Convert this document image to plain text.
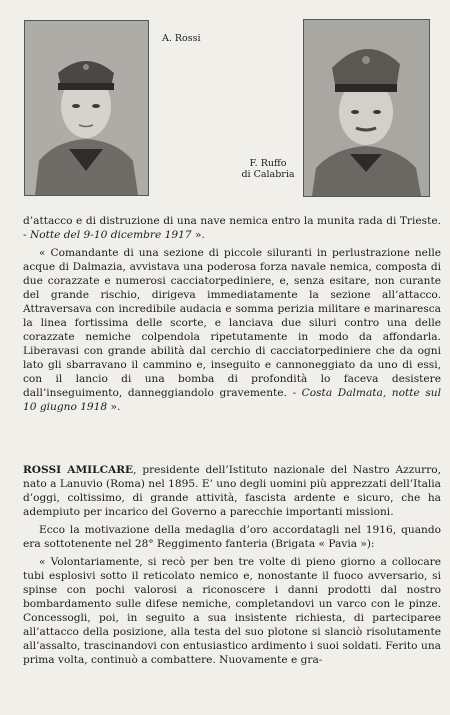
A. Rossi
F. Ruffo
di Calabria

d’attacco e di distruzione di una nave nemica entro la munita rada di Trieste. - Notte del 9-10 dicembre 1917 ».

« Comandante di una sezione di piccole siluranti in perlustrazione nelle acque di Dalmazia, avvistava una poderosa forza navale nemica, composta di due corazzate e numerosi cacciatorpediniere, e, senza esitare, non curante del grande rischio, dirigeva immediatamente la sezione all’attacco. Attraversava con incredibile audacia e somma perizia militare e marinaresca la linea fortissima delle scorte, e lanciava due siluri contro una delle corazzate nemiche colpendola ripetutamente in modo da affondarla. Liberavasi con grande abilità dal cerchio di cacciatorpediniere che da ogni lato gli sbarravano il cammino e, inseguito e cannoneggiato da uno di essi, con il lancio di una bomba di profondità lo faceva desistere dall’inseguimento, danneggiandolo gravemente. - Costa Dalmata, notte sul 10 giugno 1918 ».

ROSSI AMILCARE, presidente dell’Istituto nazionale del Nastro Azzurro, nato a Lanuvio (Roma) nel 1895. E’ uno degli uomini più apprezzati dell’Italia d’oggi, coltissimo, di grande attività, fascista ardente e sicuro, che ha adempiuto per incarico del Governo a parecchie importanti missioni.

Ecco la motivazione della medaglia d’oro accordatagli nel 1916, quando era sottotenente nel 28° Reggimento fanteria (Brigata « Pavia »):

« Volontariamente, si recò per ben tre volte di pieno giorno a collocare tubi esplosivi sotto il reticolato nemico e, nonostante il fuoco avversario, si spinse con pochi valorosi a riconoscere i danni prodotti dal nostro bombardamento sulle difese nemiche, completandovi un varco con le pinze. Concessogli, poi, in seguito a sua insistente richiesta, di parteciparee all’attacco della posizione, alla testa del suo plotone si slanciò risolutamente all’assalto, trascinandovi con entusiastico ardimento i suoi soldati. Ferito una prima volta, continuò a combattere. Nuovamente e gra-
